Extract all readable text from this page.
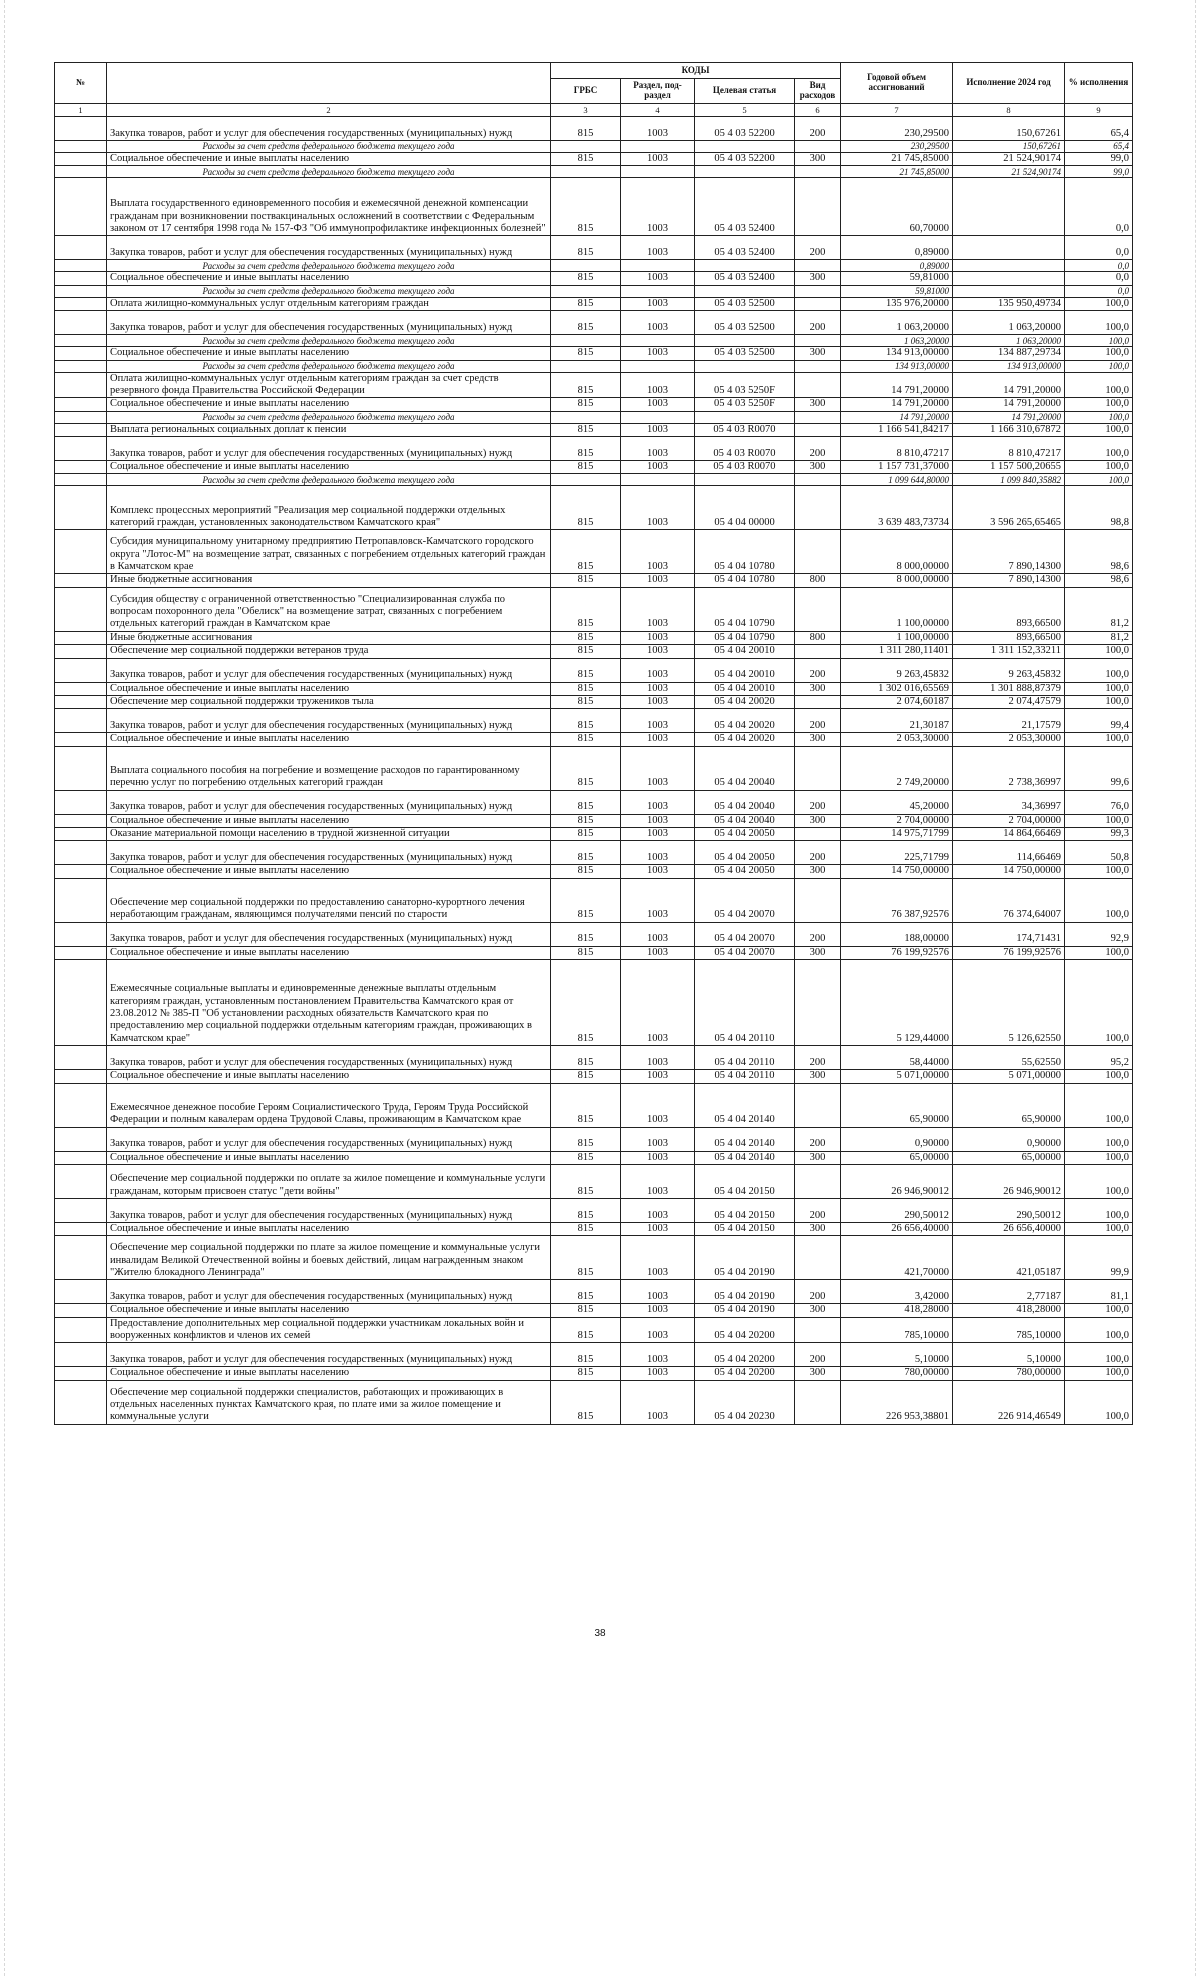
№		КОДЫ				Годовой объем ассигнований	Исполнение 2024 год	% исполнения
		ГРБС	Раздел, под-раздел	Целевая статья	Вид расходов			
1	2	3	4	5	6	7	8	9
	Закупка товаров, работ и услуг для обеспечения государственных (муниципальных) нужд	815	1003	05 4 03 52200	200	230,29500	150,67261	65,4
	Расходы за счет средств федерального бюджета текущего года					230,29500	150,67261	65,4
	Социальное обеспечение и иные выплаты населению	815	1003	05 4 03 52200	300	21 745,85000	21 524,90174	99,0
	Расходы за счет средств федерального бюджета текущего года					21 745,85000	21 524,90174	99,0
	Выплата государственного единовременного пособия и ежемесячной денежной компенсации гражданам при возникновении поствакцинальных осложнений в соответствии с Федеральным законом от 17 сентября 1998 года № 157-ФЗ "Об иммунопрофилактике инфекционных болезней"	815	1003	05 4 03 52400		60,70000		0,0
	Закупка товаров, работ и услуг для обеспечения государственных (муниципальных) нужд	815	1003	05 4 03 52400	200	0,89000		0,0
	Расходы за счет средств федерального бюджета текущего года					0,89000		0,0
	Социальное обеспечение и иные выплаты населению	815	1003	05 4 03 52400	300	59,81000		0,0
	Расходы за счет средств федерального бюджета текущего года					59,81000		0,0
	Оплата жилищно-коммунальных услуг отдельным категориям граждан	815	1003	05 4 03 52500		135 976,20000	135 950,49734	100,0
	Закупка товаров, работ и услуг для обеспечения государственных (муниципальных) нужд	815	1003	05 4 03 52500	200	1 063,20000	1 063,20000	100,0
	Расходы за счет средств федерального бюджета текущего года					1 063,20000	1 063,20000	100,0
	Социальное обеспечение и иные выплаты населению	815	1003	05 4 03 52500	300	134 913,00000	134 887,29734	100,0
	Расходы за счет средств федерального бюджета текущего года					134 913,00000	134 913,00000	100,0
	Оплата жилищно-коммунальных услуг отдельным категориям граждан за счет средств резервного фонда Правительства Российской Федерации	815	1003	05 4 03 5250F		14 791,20000	14 791,20000	100,0
	Социальное обеспечение и иные выплаты населению	815	1003	05 4 03 5250F	300	14 791,20000	14 791,20000	100,0
	Расходы за счет средств федерального бюджета текущего года					14 791,20000	14 791,20000	100,0
	Выплата региональных социальных доплат к пенсии	815	1003	05 4 03 R0070		1 166 541,84217	1 166 310,67872	100,0
	Закупка товаров, работ и услуг для обеспечения государственных (муниципальных) нужд	815	1003	05 4 03 R0070	200	8 810,47217	8 810,47217	100,0
	Социальное обеспечение и иные выплаты населению	815	1003	05 4 03 R0070	300	1 157 731,37000	1 157 500,20655	100,0
	Расходы за счет средств федерального бюджета текущего года					1 099 644,80000	1 099 840,35882	100,0
	Комплекс процессных мероприятий "Реализация мер социальной поддержки отдельных категорий граждан, установленных законодательством Камчатского края"	815	1003	05 4 04 00000		3 639 483,73734	3 596 265,65465	98,8
	Субсидия муниципальному унитарному предприятию Петропавловск-Камчатского городского округа "Лотос-М" на возмещение затрат, связанных с погребением отдельных категорий граждан в Камчатском крае	815	1003	05 4 04 10780		8 000,00000	7 890,14300	98,6
	Иные бюджетные ассигнования	815	1003	05 4 04 10780	800	8 000,00000	7 890,14300	98,6
	Субсидия обществу с ограниченной ответственностью "Специализированная служба по вопросам похоронного дела "Обелиск" на возмещение затрат, связанных с погребением отдельных категорий граждан в Камчатском крае	815	1003	05 4 04 10790		1 100,00000	893,66500	81,2
	Иные бюджетные ассигнования	815	1003	05 4 04 10790	800	1 100,00000	893,66500	81,2
	Обеспечение мер социальной поддержки ветеранов труда	815	1003	05 4 04 20010		1 311 280,11401	1 311 152,33211	100,0
	Закупка товаров, работ и услуг для обеспечения государственных (муниципальных) нужд	815	1003	05 4 04 20010	200	9 263,45832	9 263,45832	100,0
	Социальное обеспечение и иные выплаты населению	815	1003	05 4 04 20010	300	1 302 016,65569	1 301 888,87379	100,0
	Обеспечение мер социальной поддержки тружеников тыла	815	1003	05 4 04 20020		2 074,60187	2 074,47579	100,0
	Закупка товаров, работ и услуг для обеспечения государственных (муниципальных) нужд	815	1003	05 4 04 20020	200	21,30187	21,17579	99,4
	Социальное обеспечение и иные выплаты населению	815	1003	05 4 04 20020	300	2 053,30000	2 053,30000	100,0
	Выплата социального пособия на погребение и возмещение расходов по гарантированному перечню услуг по погребению отдельных категорий граждан	815	1003	05 4 04 20040		2 749,20000	2 738,36997	99,6
	Закупка товаров, работ и услуг для обеспечения государственных (муниципальных) нужд	815	1003	05 4 04 20040	200	45,20000	34,36997	76,0
	Социальное обеспечение и иные выплаты населению	815	1003	05 4 04 20040	300	2 704,00000	2 704,00000	100,0
	Оказание материальной помощи населению в трудной жизненной ситуации	815	1003	05 4 04 20050		14 975,71799	14 864,66469	99,3
	Закупка товаров, работ и услуг для обеспечения государственных (муниципальных) нужд	815	1003	05 4 04 20050	200	225,71799	114,66469	50,8
	Социальное обеспечение и иные выплаты населению	815	1003	05 4 04 20050	300	14 750,00000	14 750,00000	100,0
	Обеспечение мер социальной поддержки по предоставлению санаторно-курортного лечения неработающим гражданам, являющимся получателями пенсий по старости	815	1003	05 4 04 20070		76 387,92576	76 374,64007	100,0
	Закупка товаров, работ и услуг для обеспечения государственных (муниципальных) нужд	815	1003	05 4 04 20070	200	188,00000	174,71431	92,9
	Социальное обеспечение и иные выплаты населению	815	1003	05 4 04 20070	300	76 199,92576	76 199,92576	100,0
	Ежемесячные социальные выплаты и единовременные денежные выплаты отдельным категориям граждан, установленным постановлением Правительства Камчатского края от 23.08.2012 № 385-П "Об установлении расходных обязательств Камчатского края по предоставлению мер социальной поддержки отдельным категориям граждан, проживающих в Камчатском крае"	815	1003	05 4 04 20110		5 129,44000	5 126,62550	100,0
	Закупка товаров, работ и услуг для обеспечения государственных (муниципальных) нужд	815	1003	05 4 04 20110	200	58,44000	55,62550	95,2
	Социальное обеспечение и иные выплаты населению	815	1003	05 4 04 20110	300	5 071,00000	5 071,00000	100,0
	Ежемесячное денежное пособие Героям Социалистического Труда, Героям Труда Российской Федерации и полным кавалерам ордена Трудовой Славы, проживающим в Камчатском крае	815	1003	05 4 04 20140		65,90000	65,90000	100,0
	Закупка товаров, работ и услуг для обеспечения государственных (муниципальных) нужд	815	1003	05 4 04 20140	200	0,90000	0,90000	100,0
	Социальное обеспечение и иные выплаты населению	815	1003	05 4 04 20140	300	65,00000	65,00000	100,0
	Обеспечение мер социальной поддержки по оплате за жилое помещение и коммунальные услуги гражданам, которым присвоен статус "дети войны"	815	1003	05 4 04 20150		26 946,90012	26 946,90012	100,0
	Закупка товаров, работ и услуг для обеспечения государственных (муниципальных) нужд	815	1003	05 4 04 20150	200	290,50012	290,50012	100,0
	Социальное обеспечение и иные выплаты населению	815	1003	05 4 04 20150	300	26 656,40000	26 656,40000	100,0
	Обеспечение мер социальной поддержки по плате за жилое помещение и коммунальные услуги инвалидам Великой Отечественной войны и боевых действий, лицам награжденным знаком "Жителю блокадного Ленинграда"	815	1003	05 4 04 20190		421,70000	421,05187	99,9
	Закупка товаров, работ и услуг для обеспечения государственных (муниципальных) нужд	815	1003	05 4 04 20190	200	3,42000	2,77187	81,1
	Социальное обеспечение и иные выплаты населению	815	1003	05 4 04 20190	300	418,28000	418,28000	100,0
	Предоставление дополнительных мер социальной поддержки участникам локальных войн и вооруженных конфликтов и членов их семей	815	1003	05 4 04 20200		785,10000	785,10000	100,0
	Закупка товаров, работ и услуг для обеспечения государственных (муниципальных) нужд	815	1003	05 4 04 20200	200	5,10000	5,10000	100,0
	Социальное обеспечение и иные выплаты населению	815	1003	05 4 04 20200	300	780,00000	780,00000	100,0
	Обеспечение мер социальной поддержки специалистов, работающих и проживающих в отдельных населенных пунктах Камчатского края, по плате ими за жилое помещение и коммунальные услуги	815	1003	05 4 04 20230		226 953,38801	226 914,46549	100,0
38
